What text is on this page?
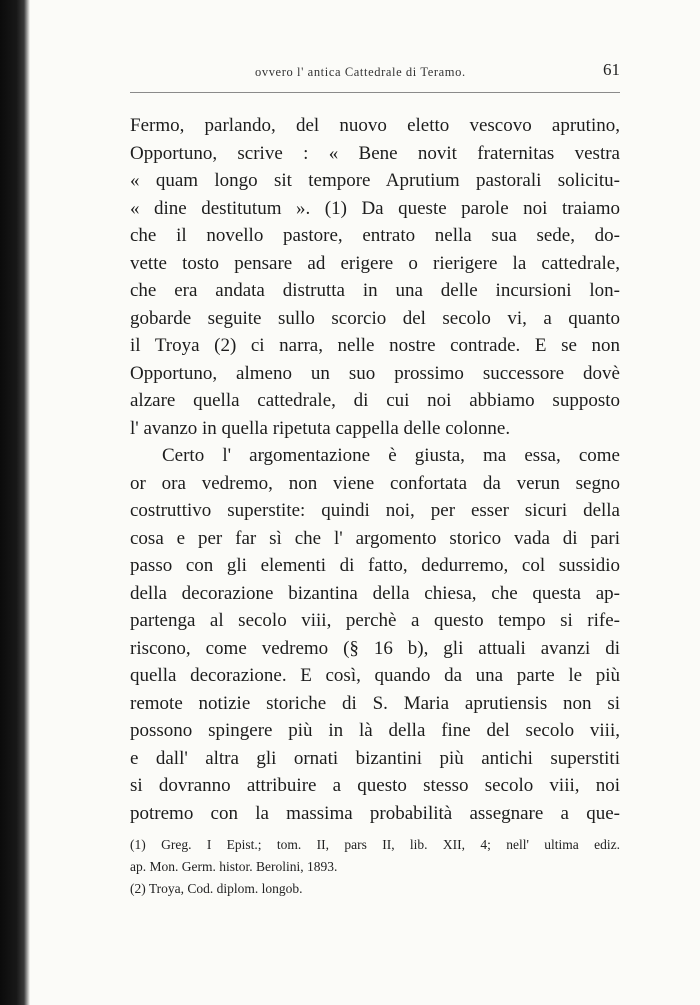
ovvero l' antica Cattedrale di Teramo.	61
Fermo, parlando, del nuovo eletto vescovo aprutino,
Opportuno, scrive : « Bene novit fraternitas vestra
« quam longo sit tempore Aprutium pastorali solicitu-
« dine destitutum ». (1) Da queste parole noi traiamo
che il novello pastore, entrato nella sua sede, do-
vette tosto pensare ad erigere o rierigere la cattedrale,
che era andata distrutta in una delle incursioni lon-
gobarde seguite sullo scorcio del secolo vi, a quanto
il Troya (2) ci narra, nelle nostre contrade. E se non
Opportuno, almeno un suo prossimo successore dovè
alzare quella cattedrale, di cui noi abbiamo supposto
l' avanzo in quella ripetuta cappella delle colonne.
Certo l' argomentazione è giusta, ma essa, come
or ora vedremo, non viene confortata da verun segno
costruttivo superstite: quindi noi, per esser sicuri della
cosa e per far sì che l' argomento storico vada di pari
passo con gli elementi di fatto, dedurremo, col sussidio
della decorazione bizantina della chiesa, che questa ap-
partenga al secolo viii, perchè a questo tempo si rife-
riscono, come vedremo (§ 16 b), gli attuali avanzi di
quella decorazione. E così, quando da una parte le più
remote notizie storiche di S. Maria aprutiensis non si
possono spingere più in là della fine del secolo viii,
e dall' altra gli ornati bizantini più antichi superstiti
si dovranno attribuire a questo stesso secolo viii, noi
potremo con la massima probabilità assegnare a que-
(1) Greg. I Epist.; tom. II, pars II, lib. XII, 4; nell' ultima ediz.
ap. Mon. Germ. histor. Berolini, 1893.
(2) Troya, Cod. diplom. longob.
